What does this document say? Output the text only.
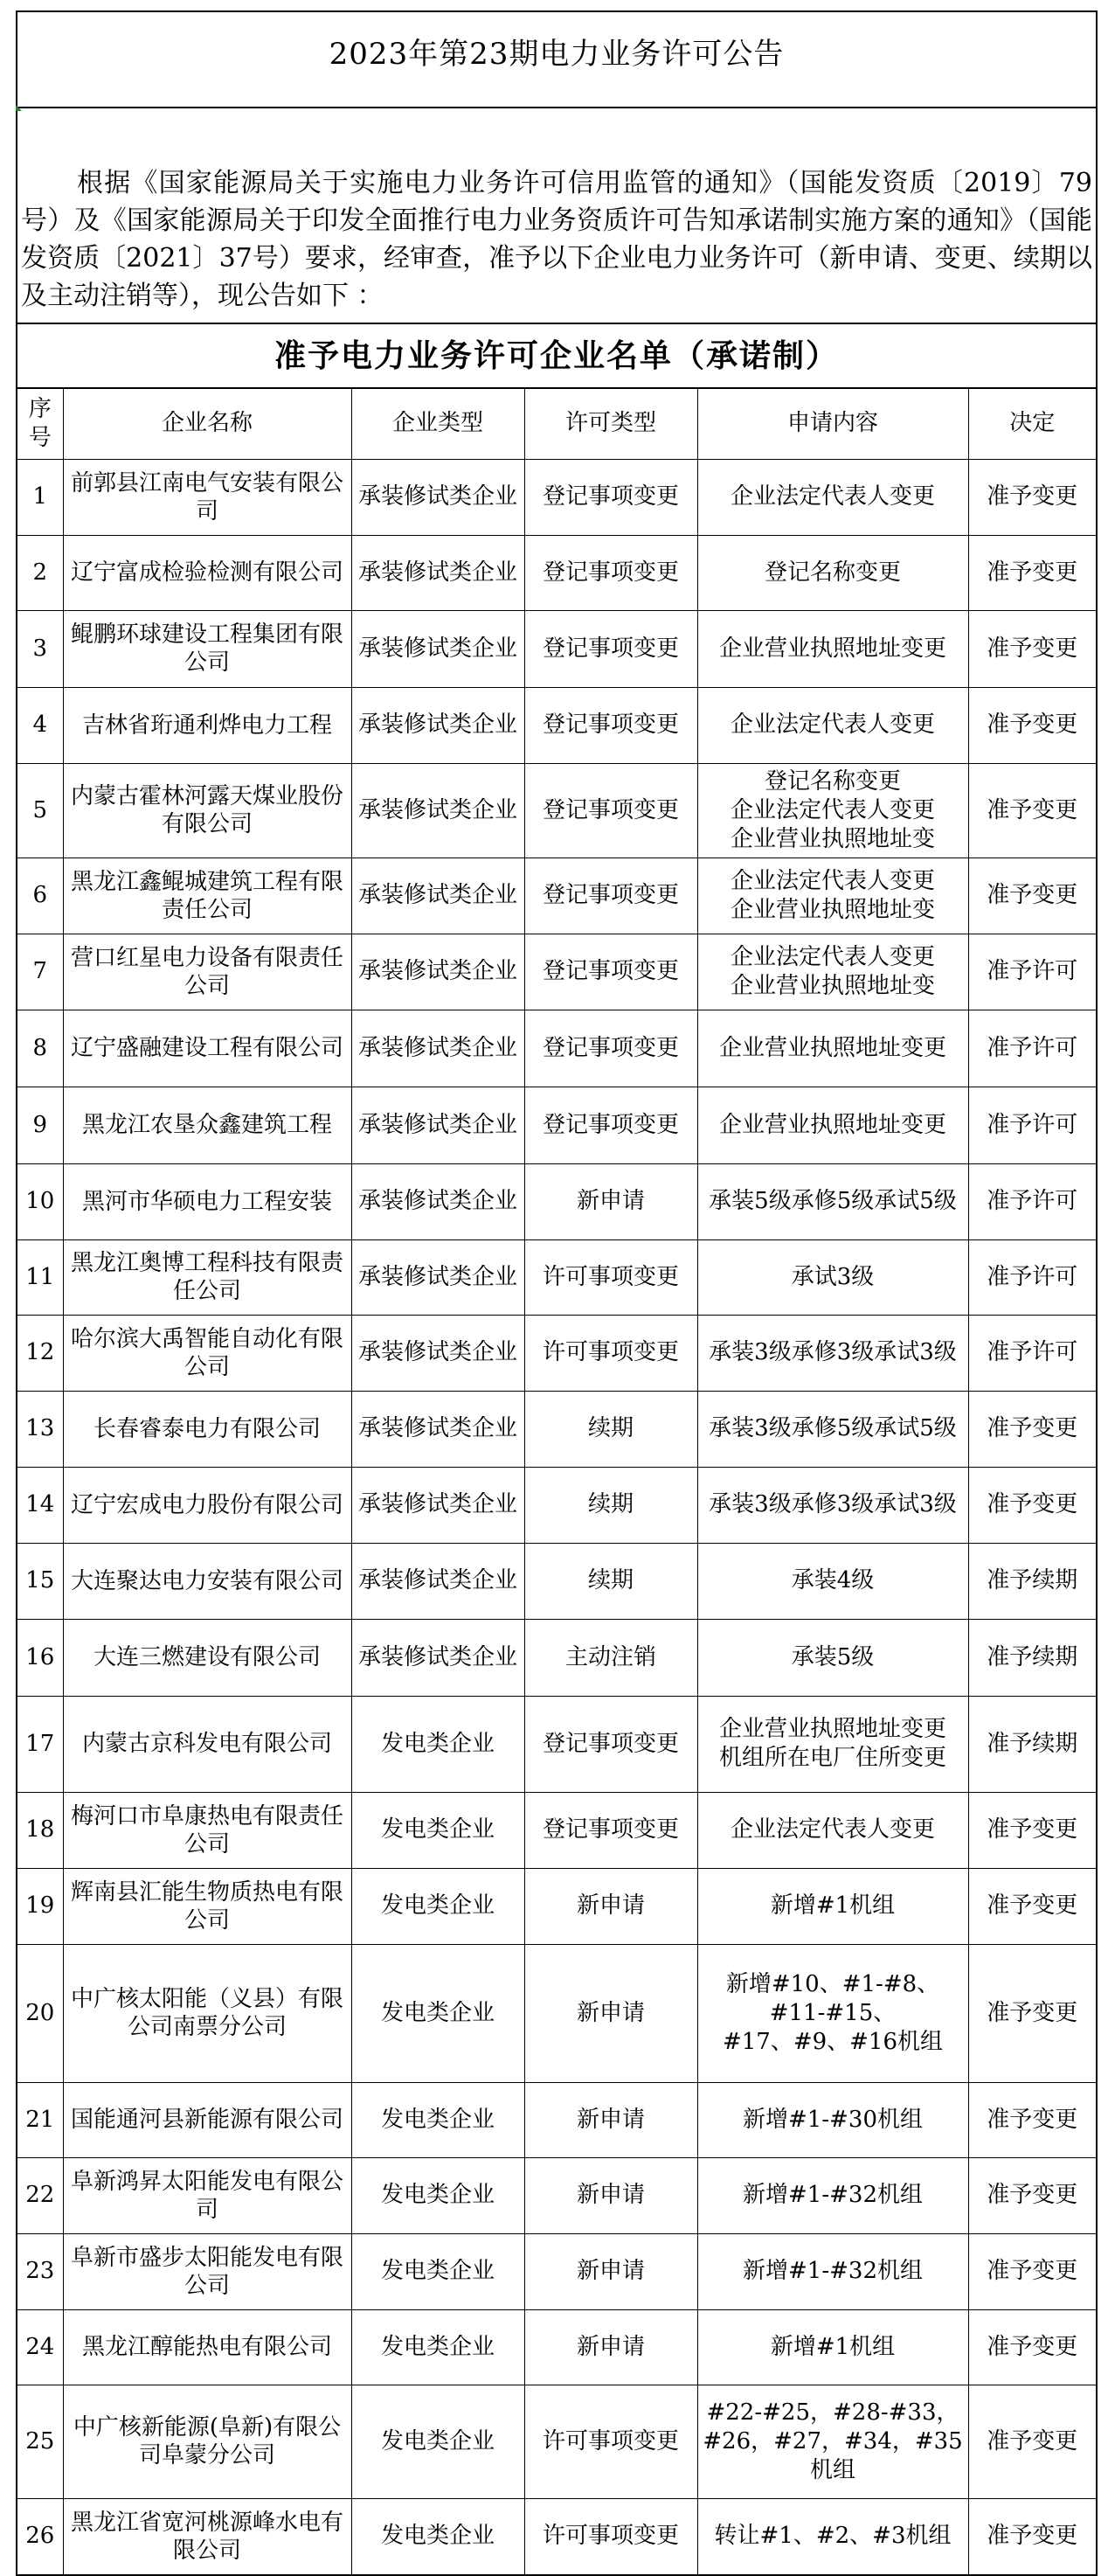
2023年第23期电力业务许可公告
根据《国家能源局关于实施电力业务许可信用监管的通知》（国能发资质〔2019〕79号）及《国家能源局关于印发全面推行电力业务资质许可告知承诺制实施方案的通知》（国能发资质〔2021〕37号）要求，经审查，准予以下企业电力业务许可（新申请、变更、续期以及主动注销等），现公告如下 ：
准予电力业务许可企业名单（承诺制）
序号	企业名称	企业类型	许可类型	申请内容	决定
1	前郭县江南电气安装有限公司	承装修试类企业	登记事项变更	企业法定代表人变更	准予变更
2	辽宁富成检验检测有限公司	承装修试类企业	登记事项变更	登记名称变更	准予变更
3	鲲鹏环球建设工程集团有限公司	承装修试类企业	登记事项变更	企业营业执照地址变更	准予变更
4	吉林省珩通利烨电力工程	承装修试类企业	登记事项变更	企业法定代表人变更	准予变更
5	内蒙古霍林河露天煤业股份有限公司	承装修试类企业	登记事项变更	登记名称变更
企业法定代表人变更
企业营业执照地址变	准予变更
6	黑龙江鑫鲲城建筑工程有限责任公司	承装修试类企业	登记事项变更	企业法定代表人变更
企业营业执照地址变	准予变更
7	营口红星电力设备有限责任公司	承装修试类企业	登记事项变更	企业法定代表人变更
企业营业执照地址变	准予许可
8	辽宁盛融建设工程有限公司	承装修试类企业	登记事项变更	企业营业执照地址变更	准予许可
9	黑龙江农垦众鑫建筑工程	承装修试类企业	登记事项变更	企业营业执照地址变更	准予许可
10	黑河市华硕电力工程安装	承装修试类企业	新申请	承装5级承修5级承试5级	准予许可
11	黑龙江奥博工程科技有限责任公司	承装修试类企业	许可事项变更	承试3级	准予许可
12	哈尔滨大禹智能自动化有限公司	承装修试类企业	许可事项变更	承装3级承修3级承试3级	准予许可
13	长春睿泰电力有限公司	承装修试类企业	续期	承装3级承修5级承试5级	准予变更
14	辽宁宏成电力股份有限公司	承装修试类企业	续期	承装3级承修3级承试3级	准予变更
15	大连聚达电力安装有限公司	承装修试类企业	续期	承装4级	准予续期
16	大连三燃建设有限公司	承装修试类企业	主动注销	承装5级	准予续期
17	内蒙古京科发电有限公司	发电类企业	登记事项变更	企业营业执照地址变更
机组所在电厂住所变更	准予续期
18	梅河口市阜康热电有限责任公司	发电类企业	登记事项变更	企业法定代表人变更	准予变更
19	辉南县汇能生物质热电有限公司	发电类企业	新申请	新增#1机组	准予变更
20	中广核太阳能（义县）有限公司南票分公司	发电类企业	新申请	新增#10、#1-#8、
#11-#15、
#17、#9、#16机组	准予变更
21	国能通河县新能源有限公司	发电类企业	新申请	新增#1-#30机组	准予变更
22	阜新鸿昇太阳能发电有限公司	发电类企业	新申请	新增#1-#32机组	准予变更
23	阜新市盛步太阳能发电有限公司	发电类企业	新申请	新增#1-#32机组	准予变更
24	黑龙江醇能热电有限公司	发电类企业	新申请	新增#1机组	准予变更
25	中广核新能源(阜新)有限公司阜蒙分公司	发电类企业	许可事项变更	#22-#25，#28-#33，
#26，#27，#34，#35
机组	准予变更
26	黑龙江省宽河桃源峰水电有限公司	发电类企业	许可事项变更	转让#1、#2、#3机组	准予变更
